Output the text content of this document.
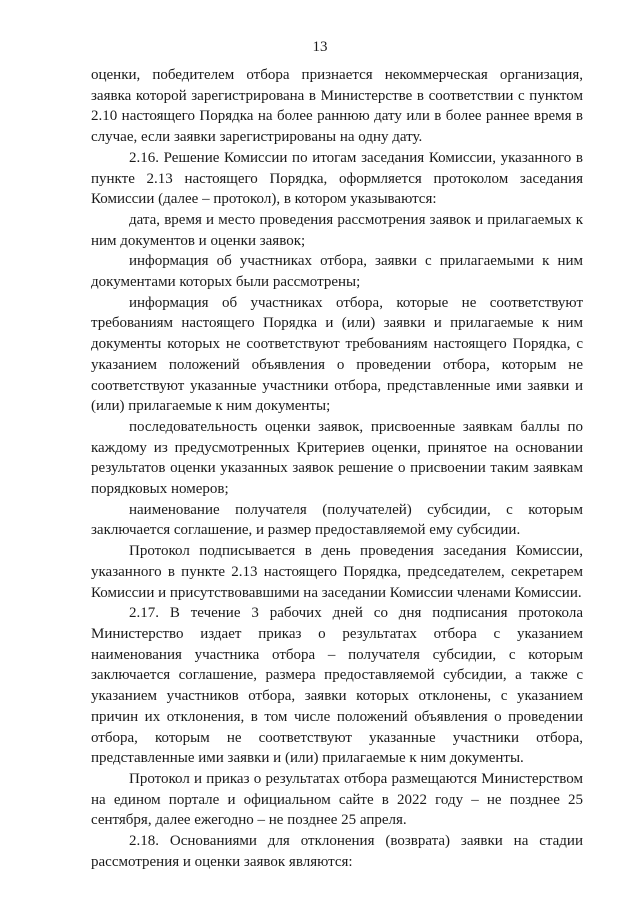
13

оценки, победителем отбора признается некоммерческая организация, заявка которой зарегистрирована в Министерстве в соответствии с пунктом 2.10 настоящего Порядка на более раннюю дату или в более раннее время в случае, если заявки зарегистрированы на одну дату.

2.16. Решение Комиссии по итогам заседания Комиссии, указанного в пункте 2.13 настоящего Порядка, оформляется протоколом заседания Комиссии (далее – протокол), в котором указываются:

дата, время и место проведения рассмотрения заявок и прилагаемых к ним документов и оценки заявок;

информация об участниках отбора, заявки с прилагаемыми к ним документами которых были рассмотрены;

информация об участниках отбора, которые не соответствуют требованиям настоящего Порядка и (или) заявки и прилагаемые к ним документы которых не соответствуют требованиям настоящего Порядка, с указанием положений объявления о проведении отбора, которым не соответствуют указанные участники отбора, представленные ими заявки и (или) прилагаемые к ним документы;

последовательность оценки заявок, присвоенные заявкам баллы по каждому из предусмотренных Критериев оценки, принятое на основании результатов оценки указанных заявок решение о присвоении таким заявкам порядковых номеров;

наименование получателя (получателей) субсидии, с которым заключается соглашение, и размер предоставляемой ему субсидии.

Протокол подписывается в день проведения заседания Комиссии, указанного в пункте 2.13 настоящего Порядка, председателем, секретарем Комиссии и присутствовавшими на заседании Комиссии членами Комиссии.

2.17. В течение 3 рабочих дней со дня подписания протокола Министерство издает приказ о результатах отбора с указанием наименования участника отбора – получателя субсидии, с которым заключается соглашение, размера предоставляемой субсидии, а также с указанием участников отбора, заявки которых отклонены, с указанием причин их отклонения, в том числе положений объявления о проведении отбора, которым не соответствуют указанные участники отбора, представленные ими заявки и (или) прилагаемые к ним документы.

Протокол и приказ о результатах отбора размещаются Министерством на едином портале и официальном сайте в 2022 году – не позднее 25 сентября, далее ежегодно – не позднее 25 апреля.

2.18. Основаниями для отклонения (возврата) заявки на стадии рассмотрения и оценки заявок являются:
